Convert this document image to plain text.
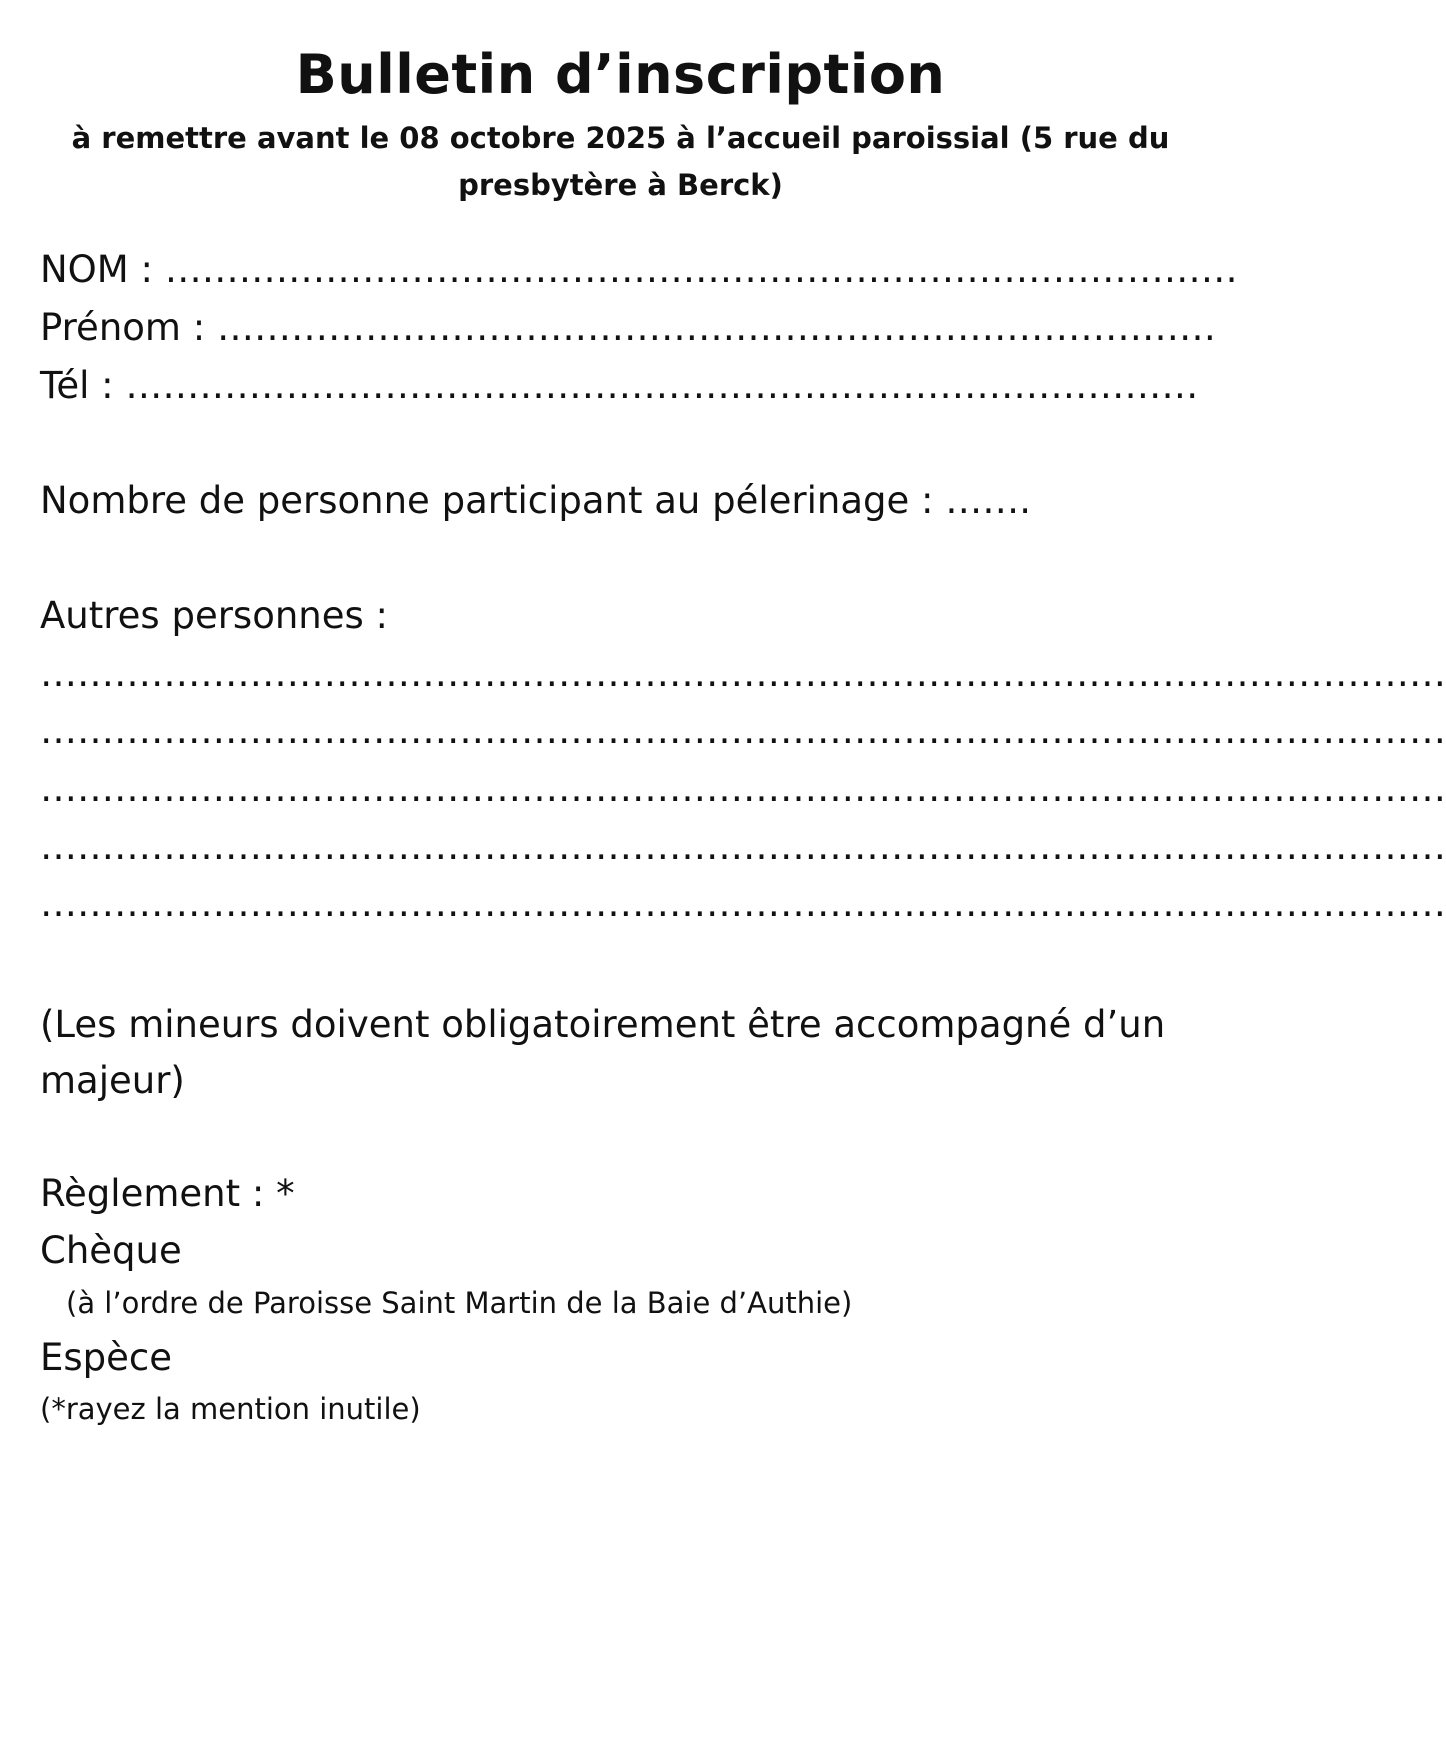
Bulletin d’inscription
à remettre avant le 08 octobre 2025 à l’accueil paroissial (5 rue du presbytère à Berck)
NOM : ……………………………………………………………………………
Prénom : ………………………………………………………………………
Tél : ……………………………………………………………………………
Nombre de personne participant au pélerinage : …….
Autres personnes :
……………………………………………………………………………………………………
……………………………………………………………………………………………………
……………………………………………………………………………………………………
……………………………………………………………………………………………………
……………………………………………………………………………………………………
(Les mineurs doivent obligatoirement être accompagné d’un majeur)
Règlement : *
Chèque
(à l’ordre de Paroisse Saint Martin de la Baie d’Authie)
Espèce
(*rayez la mention inutile)
